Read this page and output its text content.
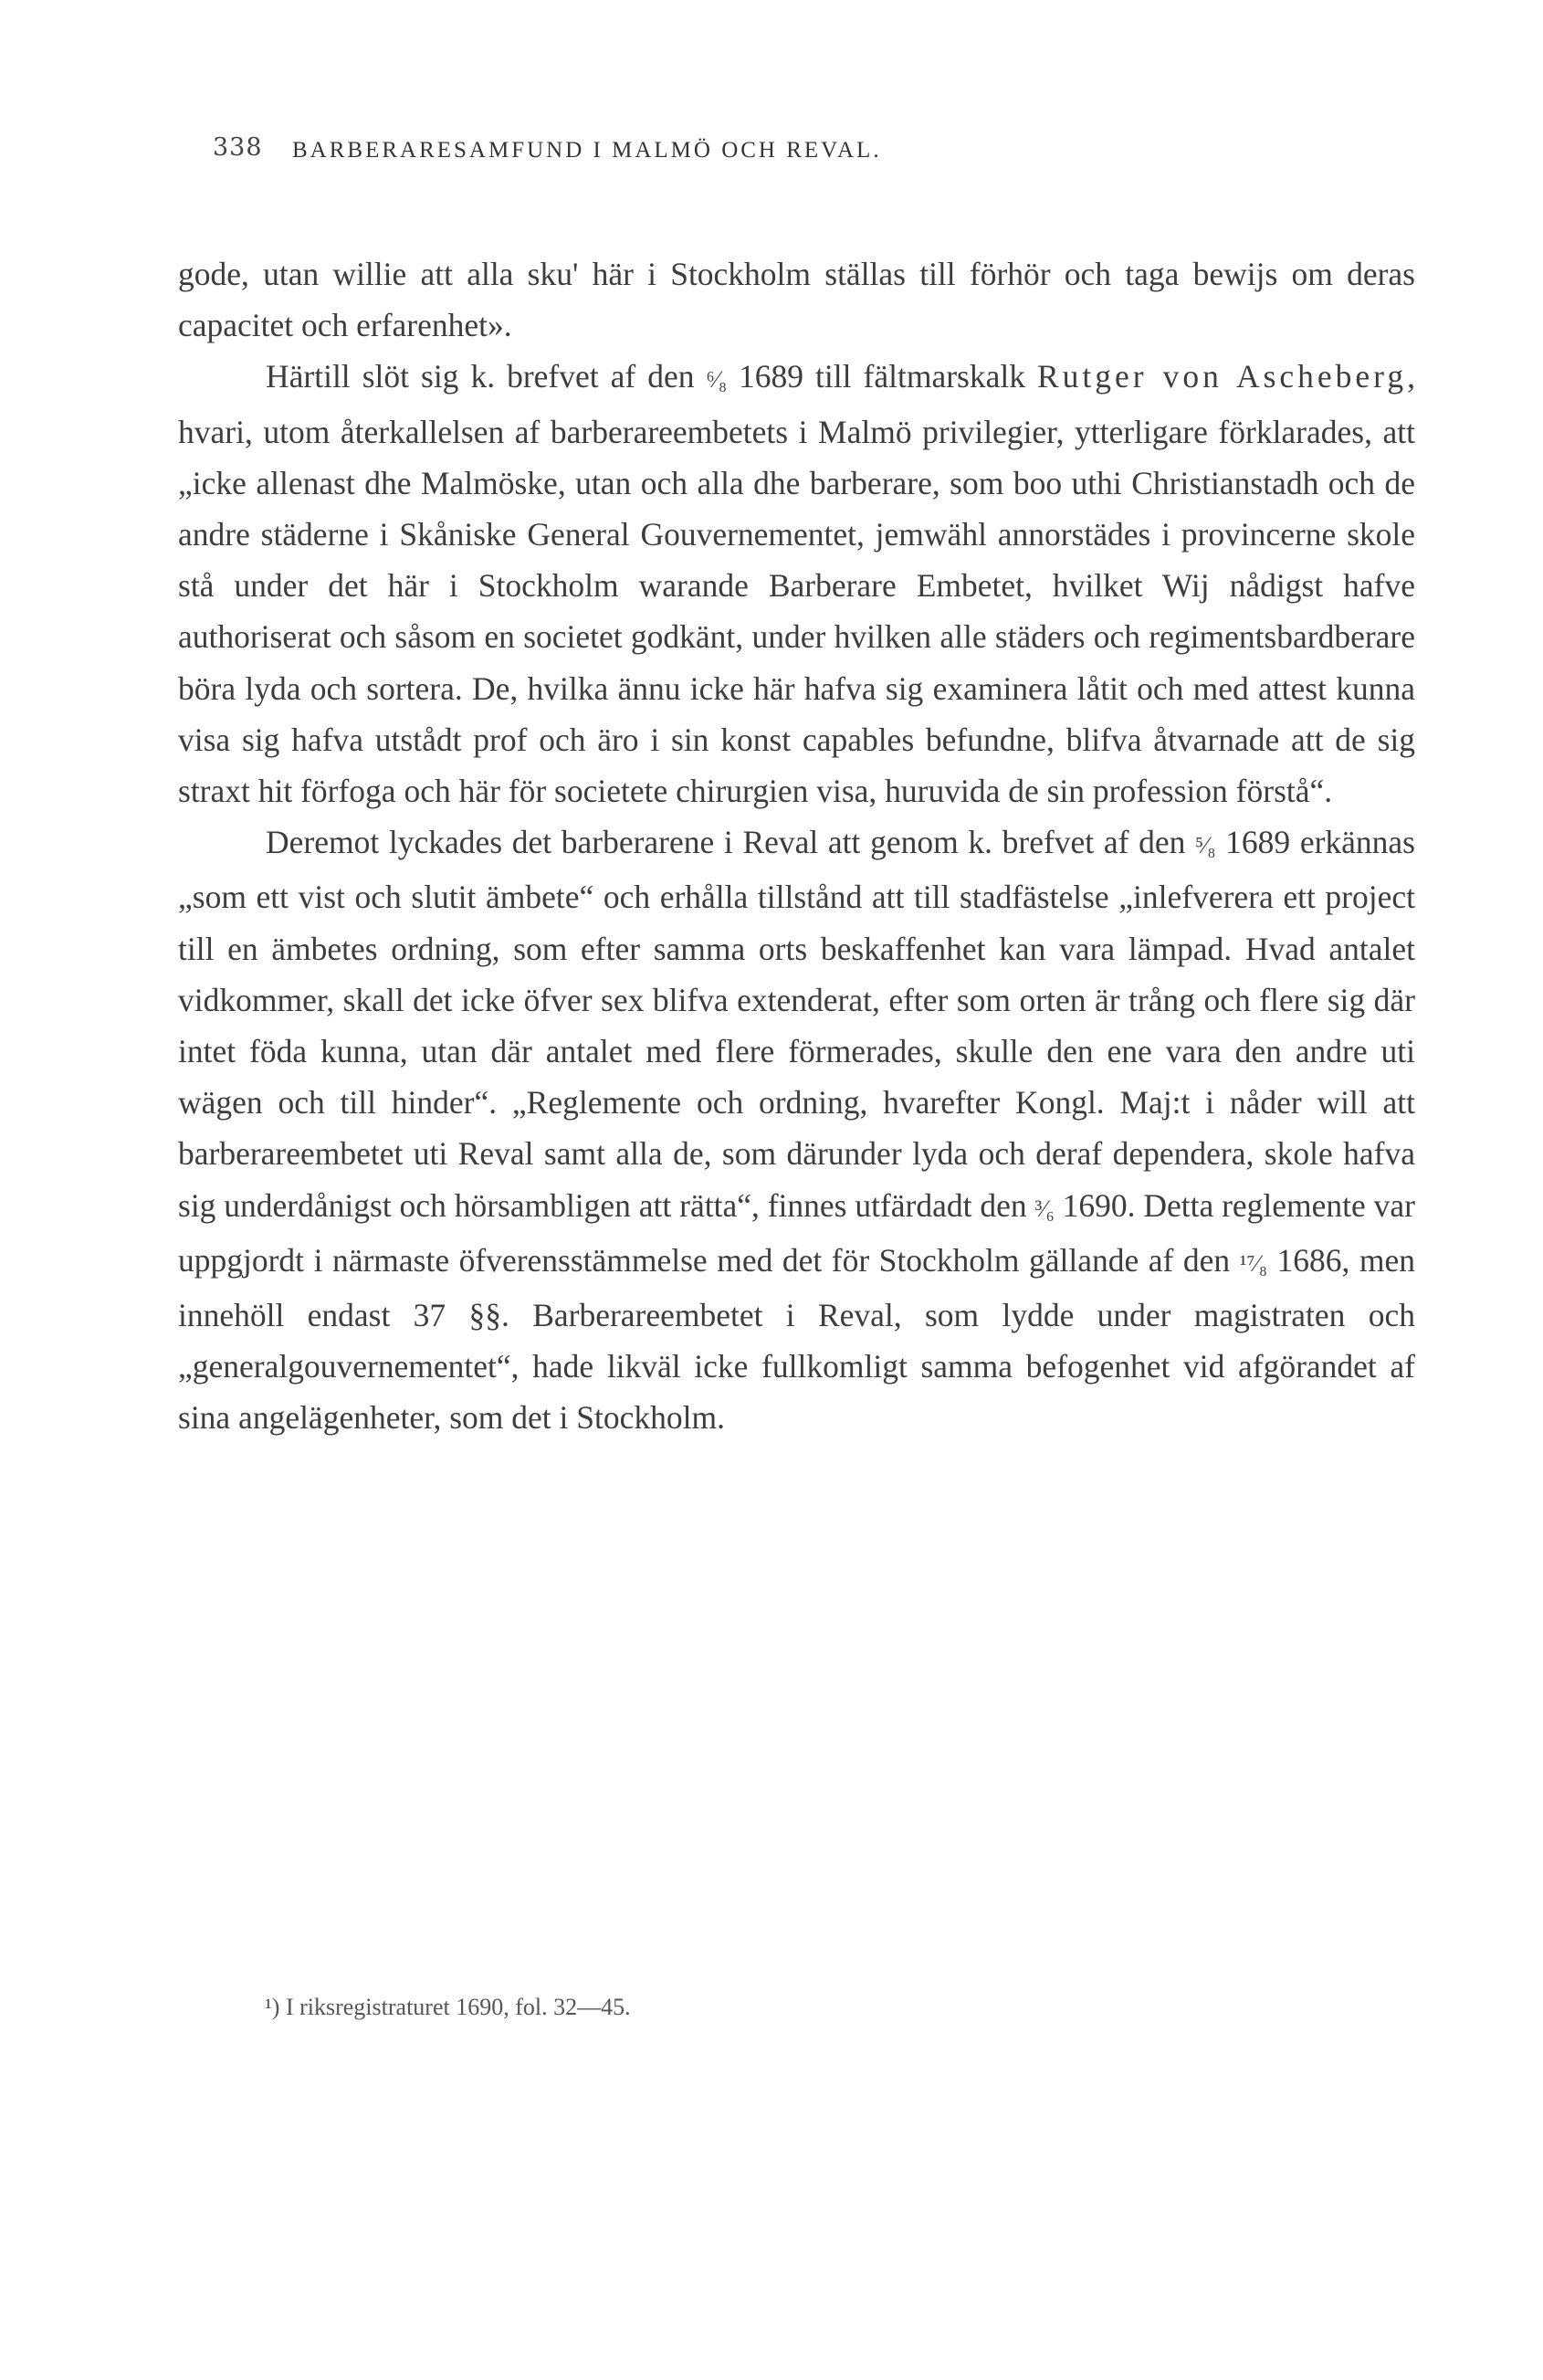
338 BARBERARESAMFUND I MALMÖ OCH REVAL.

gode, utan willie att alla sku' här i Stockholm ställas till förhör och taga bewijs om deras capacitet och erfarenhet».

Härtill slöt sig k. brefvet af den ⁶⁄₈ 1689 till fältmarskalk Rutger von Ascheberg, hvari, utom återkallelsen af barberareembetets i Malmö privilegier, ytterligare förklarades, att „icke allenast dhe Malmöske, utan och alla dhe barberare, som boo uthi Christianstadh och de andre städerne i Skåniske General Gouvernementet, jemwähl annorstädes i provincerne skole stå under det här i Stockholm warande Barberare Embetet, hvilket Wij nådigst hafve authoriserat och såsom en societet godkänt, under hvilken alle städers och regimentsbardberare böra lyda och sortera. De, hvilka ännu icke här hafva sig examinera låtit och med attest kunna visa sig hafva utstådt prof och äro i sin konst capables befundne, blifva åtvarnade att de sig straxt hit förfoga och här för societete chirurgien visa, huruvida de sin profession förstå“.

Deremot lyckades det barberarene i Reval att genom k. brefvet af den ⁵⁄₈ 1689 erkännas „som ett vist och slutit ämbete“ och erhålla tillstånd att till stadfästelse „inlefverera ett project till en ämbetes ordning, som efter samma orts beskaffenhet kan vara lämpad. Hvad antalet vidkommer, skall det icke öfver sex blifva extenderat, efter som orten är trång och flere sig där intet föda kunna, utan där antalet med flere förmerades, skulle den ene vara den andre uti wägen och till hinder“. „Reglemente och ordning, hvarefter Kongl. Maj:t i nåder will att barberareembetet uti Reval samt alla de, som därunder lyda och deraf dependera, skole hafva sig underdånigst och hörsambligen att rätta“, finnes utfärdadt den ³⁄₆ 1690. Detta reglemente var uppgjordt i närmaste öfverensstämmelse med det för Stockholm gällande af den ¹⁷⁄₈ 1686, men innehöll endast 37 §§. Barberareembetet i Reval, som lydde under magistraten och „generalgouvernementet“, hade likväl icke fullkomligt samma befogenhet vid afgörandet af sina angelägenheter, som det i Stockholm.

¹) I riksregistraturet 1690, fol. 32—45.
